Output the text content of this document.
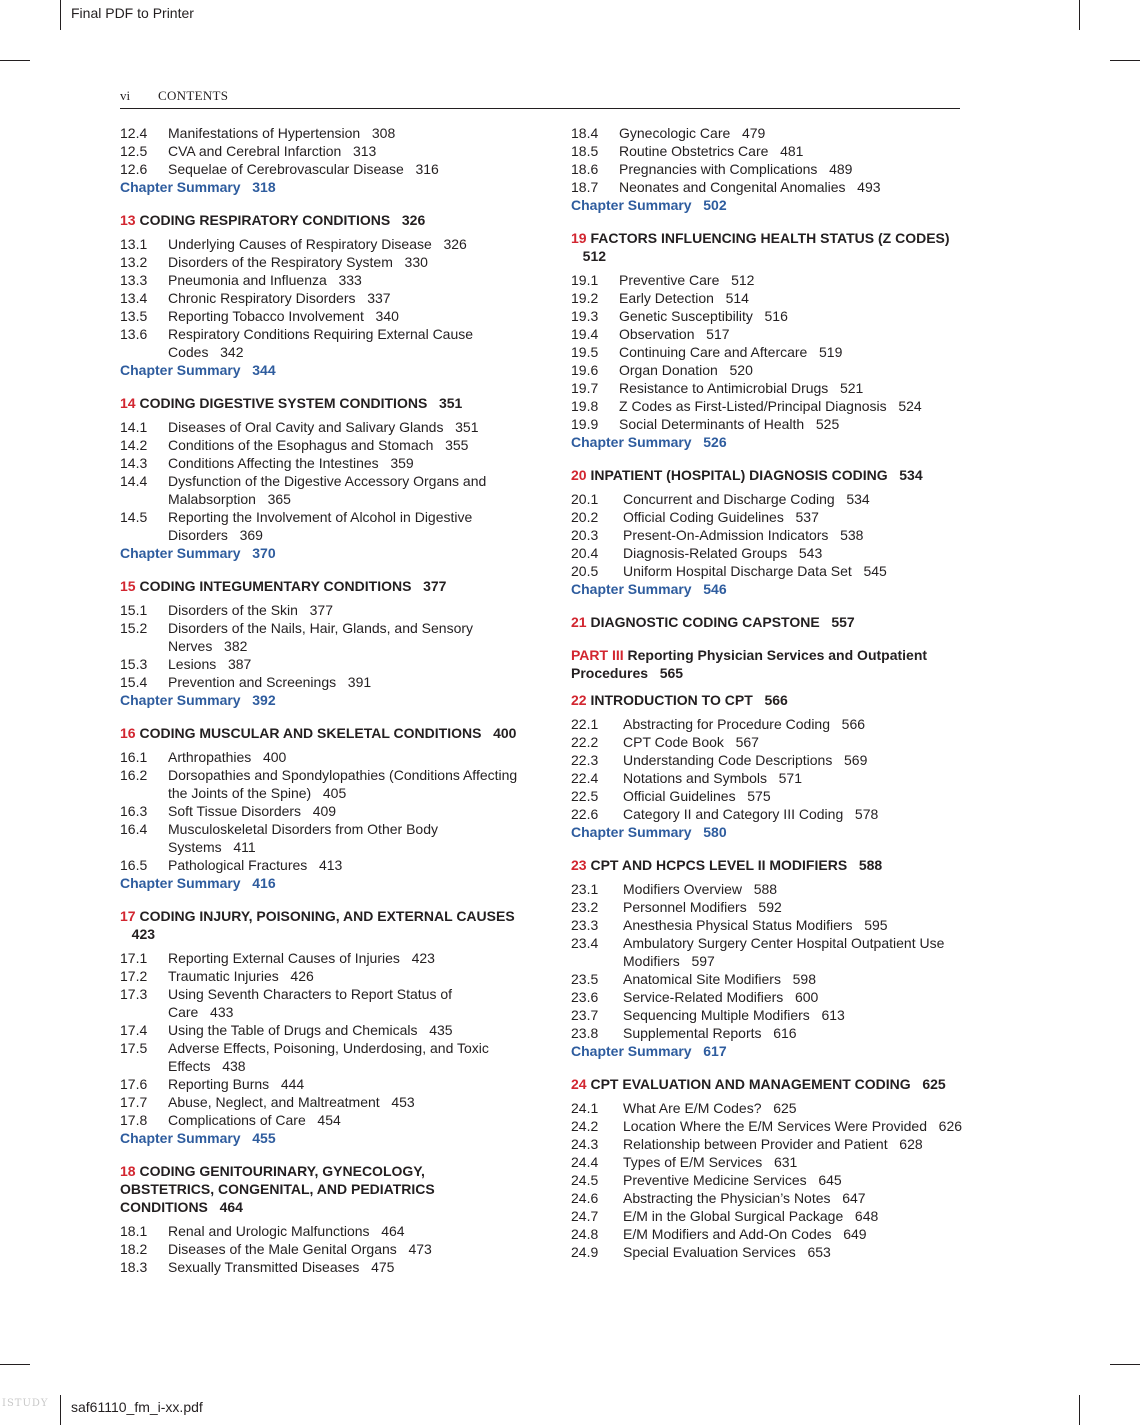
Final PDF to Printer
saf61110_fm_i-xx.pdf
ISTUDY
vi CONTENTS
12.4	Manifestations of Hypertension 308
12.5	CVA and Cerebral Infarction 313
12.6	Sequelae of Cerebrovascular Disease 316
Chapter Summary 318
13 CODING RESPIRATORY CONDITIONS 326
13.1	Underlying Causes of Respiratory Disease 326
13.2	Disorders of the Respiratory System 330
13.3	Pneumonia and Influenza 333
13.4	Chronic Respiratory Disorders 337
13.5	Reporting Tobacco Involvement 340
13.6	Respiratory Conditions Requiring External Cause Codes 342
Chapter Summary 344
14 CODING DIGESTIVE SYSTEM CONDITIONS 351
14.1	Diseases of Oral Cavity and Salivary Glands 351
14.2	Conditions of the Esophagus and Stomach 355
14.3	Conditions Affecting the Intestines 359
14.4	Dysfunction of the Digestive Accessory Organs and Malabsorption 365
14.5	Reporting the Involvement of Alcohol in Digestive Disorders 369
Chapter Summary 370
15 CODING INTEGUMENTARY CONDITIONS 377
15.1	Disorders of the Skin 377
15.2	Disorders of the Nails, Hair, Glands, and Sensory Nerves 382
15.3	Lesions 387
15.4	Prevention and Screenings 391
Chapter Summary 392
16 CODING MUSCULAR AND SKELETAL CONDITIONS 400
16.1	Arthropathies 400
16.2	Dorsopathies and Spondylopathies (Conditions Affecting the Joints of the Spine) 405
16.3	Soft Tissue Disorders 409
16.4	Musculoskeletal Disorders from Other Body Systems 411
16.5	Pathological Fractures 413
Chapter Summary 416
17 CODING INJURY, POISONING, AND EXTERNAL CAUSES   423
17.1	Reporting External Causes of Injuries 423
17.2	Traumatic Injuries 426
17.3	Using Seventh Characters to Report Status of Care 433
17.4	Using the Table of Drugs and Chemicals 435
17.5	Adverse Effects, Poisoning, Underdosing, and Toxic Effects 438
17.6	Reporting Burns 444
17.7	Abuse, Neglect, and Maltreatment 453
17.8	Complications of Care 454
Chapter Summary 455
18 CODING GENITOURINARY, GYNECOLOGY, OBSTETRICS, CONGENITAL, AND PEDIATRICS CONDITIONS 464
18.1	Renal and Urologic Malfunctions 464
18.2	Diseases of the Male Genital Organs 473
18.3	Sexually Transmitted Diseases 475
18.4	Gynecologic Care 479
18.5	Routine Obstetrics Care 481
18.6	Pregnancies with Complications 489
18.7	Neonates and Congenital Anomalies 493
Chapter Summary 502
19 FACTORS INFLUENCING HEALTH STATUS (Z CODES)   512
19.1	Preventive Care 512
19.2	Early Detection 514
19.3	Genetic Susceptibility 516
19.4	Observation 517
19.5	Continuing Care and Aftercare 519
19.6	Organ Donation 520
19.7	Resistance to Antimicrobial Drugs 521
19.8	Z Codes as First-Listed/Principal Diagnosis 524
19.9	Social Determinants of Health 525
Chapter Summary 526
20 INPATIENT (HOSPITAL) DIAGNOSIS CODING 534
20.1	Concurrent and Discharge Coding 534
20.2	Official Coding Guidelines 537
20.3	Present-On-Admission Indicators 538
20.4	Diagnosis-Related Groups 543
20.5	Uniform Hospital Discharge Data Set 545
Chapter Summary 546
21 DIAGNOSTIC CODING CAPSTONE 557
PART III Reporting Physician Services and Outpatient Procedures 565
22 INTRODUCTION TO CPT 566
22.1	Abstracting for Procedure Coding 566
22.2	CPT Code Book 567
22.3	Understanding Code Descriptions 569
22.4	Notations and Symbols 571
22.5	Official Guidelines 575
22.6	Category II and Category III Coding 578
Chapter Summary 580
23 CPT AND HCPCS LEVEL II MODIFIERS 588
23.1	Modifiers Overview 588
23.2	Personnel Modifiers 592
23.3	Anesthesia Physical Status Modifiers 595
23.4	Ambulatory Surgery Center Hospital Outpatient Use Modifiers 597
23.5	Anatomical Site Modifiers 598
23.6	Service-Related Modifiers 600
23.7	Sequencing Multiple Modifiers 613
23.8	Supplemental Reports 616
Chapter Summary 617
24 CPT EVALUATION AND MANAGEMENT CODING 625
24.1	What Are E/M Codes? 625
24.2	Location Where the E/M Services Were Provided 626
24.3	Relationship between Provider and Patient 628
24.4	Types of E/M Services 631
24.5	Preventive Medicine Services 645
24.6	Abstracting the Physician’s Notes 647
24.7	E/M in the Global Surgical Package 648
24.8	E/M Modifiers and Add-On Codes 649
24.9	Special Evaluation Services 653
